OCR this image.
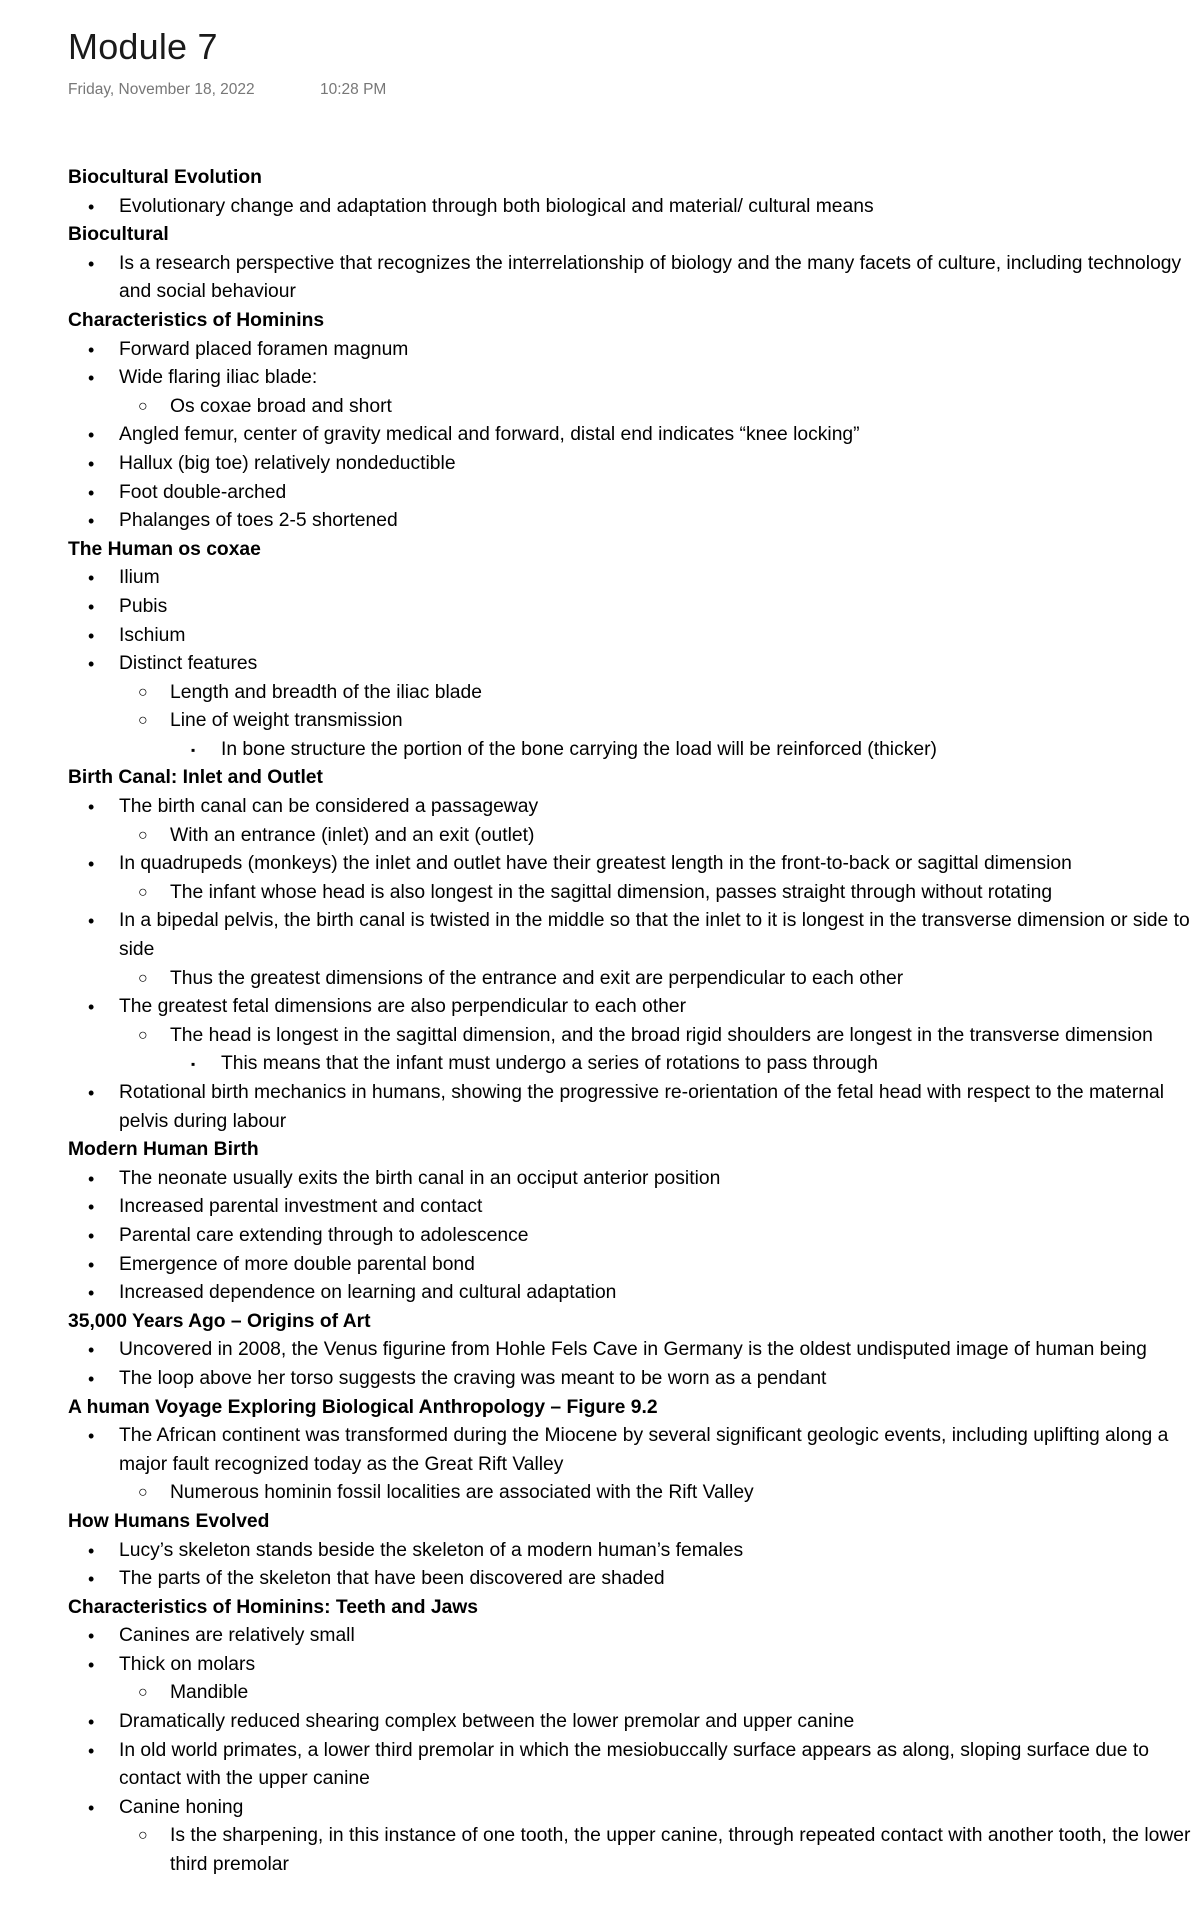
Module 7
Friday, November 18, 2022	10:28 PM
Biocultural Evolution
• Evolutionary change and adaptation through both biological and material/ cultural means
Biocultural
• Is a research perspective that recognizes the interrelationship of biology and the many facets of culture, including technology and social behaviour
Characteristics of Hominins
• Forward placed foramen magnum
• Wide flaring iliac blade:
○ Os coxae broad and short
• Angled femur, center of gravity medical and forward, distal end indicates “knee locking”
• Hallux (big toe) relatively nondeductible
• Foot double-arched
• Phalanges of toes 2-5 shortened
The Human os coxae
• Ilium
• Pubis
• Ischium
• Distinct features
○ Length and breadth of the iliac blade
○ Line of weight transmission
▪ In bone structure the portion of the bone carrying the load will be reinforced (thicker)
Birth Canal: Inlet and Outlet
• The birth canal can be considered a passageway
○ With an entrance (inlet) and an exit (outlet)
• In quadrupeds (monkeys) the inlet and outlet have their greatest length in the front-to-back or sagittal dimension
○ The infant whose head is also longest in the sagittal dimension, passes straight through without rotating
• In a bipedal pelvis, the birth canal is twisted in the middle so that the inlet to it is longest in the transverse dimension or side to side
○ Thus the greatest dimensions of the entrance and exit are perpendicular to each other
• The greatest fetal dimensions are also perpendicular to each other
○ The head is longest in the sagittal dimension, and the broad rigid shoulders are longest in the transverse dimension
▪ This means that the infant must undergo a series of rotations to pass through
• Rotational birth mechanics in humans, showing the progressive re-orientation of the fetal head with respect to the maternal pelvis during labour
Modern Human Birth
• The neonate usually exits the birth canal in an occiput anterior position
• Increased parental investment and contact
• Parental care extending through to adolescence
• Emergence of more double parental bond
• Increased dependence on learning and cultural adaptation
35,000 Years Ago – Origins of Art
• Uncovered in 2008, the Venus figurine from Hohle Fels Cave in Germany is the oldest undisputed image of human being
• The loop above her torso suggests the craving was meant to be worn as a pendant
A human Voyage Exploring Biological Anthropology – Figure 9.2
• The African continent was transformed during the Miocene by several significant geologic events, including uplifting along a major fault recognized today as the Great Rift Valley
○ Numerous hominin fossil localities are associated with the Rift Valley
How Humans Evolved
• Lucy’s skeleton stands beside the skeleton of a modern human’s females
• The parts of the skeleton that have been discovered are shaded
Characteristics of Hominins: Teeth and Jaws
• Canines are relatively small
• Thick on molars
○ Mandible
• Dramatically reduced shearing complex between the lower premolar and upper canine
• In old world primates, a lower third premolar in which the mesiobuccally surface appears as along, sloping surface due to contact with the upper canine
• Canine honing
○ Is the sharpening, in this instance of one tooth, the upper canine, through repeated contact with another tooth, the lower third premolar
